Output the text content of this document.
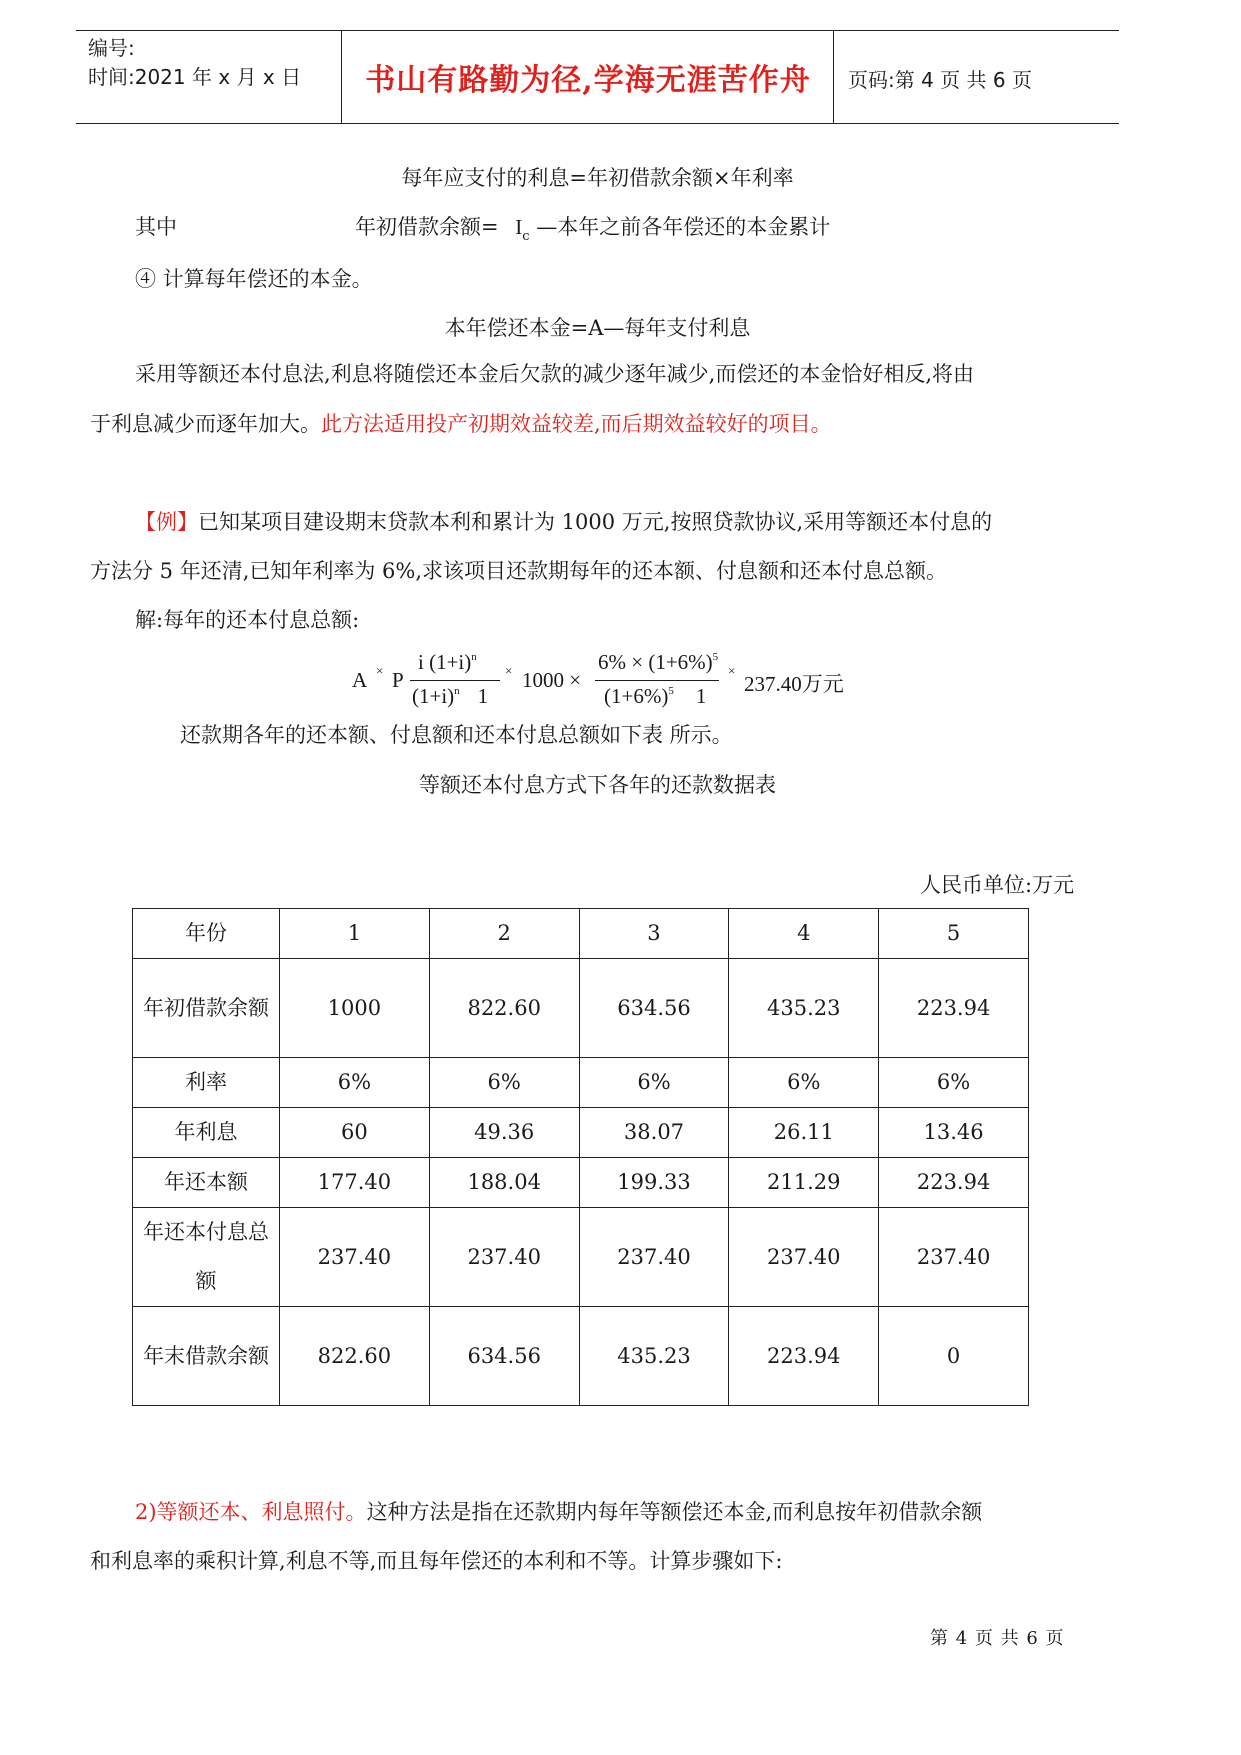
编号:
时间:2021 年 x 月 x 日	书山有路勤为径,学海无涯苦作舟	页码:第 4 页 共 6 页
每年应支付的利息=年初借款余额×年利率
其中	年初借款余额= $I_c$ —本年之前各年偿还的本金累计
④ 计算每年偿还的本金。
本年偿还本金=A—每年支付利息
采用等额还本付息法,利息将随偿还本金后欠款的减少逐年减少,而偿还的本金恰好相反,将由
于利息减少而逐年加大。此方法适用投产初期效益较差,而后期效益较好的项目。
【例】已知某项目建设期末贷款本利和累计为 1000 万元,按照贷款协议,采用等额还本付息的
方法分 5 年还清,已知年利率为 6%,求该项目还款期每年的还本额、付息额和还本付息总额。
解:每年的还本付息总额:
A × P
i $(1+i)^n$
$(1+i)^n$ 1
× 1000 ×
$6\% \times (1+6\%)^5$
$(1+6\%)^5$ 1
×
237.40万元
还款期各年的还本额、付息额和还本付息总额如下表 所示。
等额还本付息方式下各年的还款数据表
人民币单位:万元
年份	1	2	3	4	5
年初借款余额	1000	822.60	634.56	435.23	223.94
利率	6%	6%	6%	6%	6%
年利息	60	49.36	38.07	26.11	13.46
年还本额	177.40	188.04	199.33	211.29	223.94
年还本付息总额	237.40	237.40	237.40	237.40	237.40
年末借款余额	822.60	634.56	435.23	223.94	0
2)等额还本、利息照付。这种方法是指在还款期内每年等额偿还本金,而利息按年初借款余额
和利息率的乘积计算,利息不等,而且每年偿还的本利和不等。计算步骤如下:
第 4 页 共 6 页
